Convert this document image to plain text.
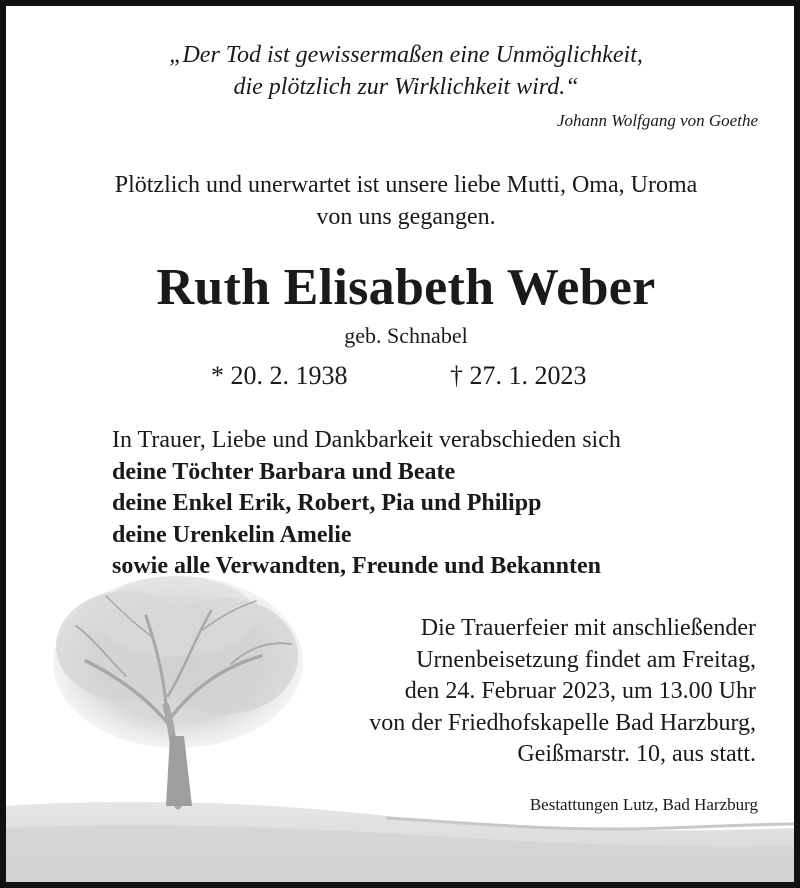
„Der Tod ist gewissermaßen eine Unmöglichkeit,
die plötzlich zur Wirklichkeit wird.“
Johann Wolfgang von Goethe
Plötzlich und unerwartet ist unsere liebe Mutti, Oma, Uroma
von uns gegangen.
Ruth Elisabeth Weber
geb. Schnabel
* 20. 2. 1938	† 27. 1. 2023
In Trauer, Liebe und Dankbarkeit verabschieden sich
deine Töchter Barbara und Beate
deine Enkel Erik, Robert, Pia und Philipp
deine Urenkelin Amelie
sowie alle Verwandten, Freunde und Bekannten
Die Trauerfeier mit anschließender
Urnenbeisetzung findet am Freitag,
den 24. Februar 2023, um 13.00 Uhr
von der Friedhofskapelle Bad Harzburg,
Geißmarstr. 10, aus statt.
Bestattungen Lutz, Bad Harzburg
